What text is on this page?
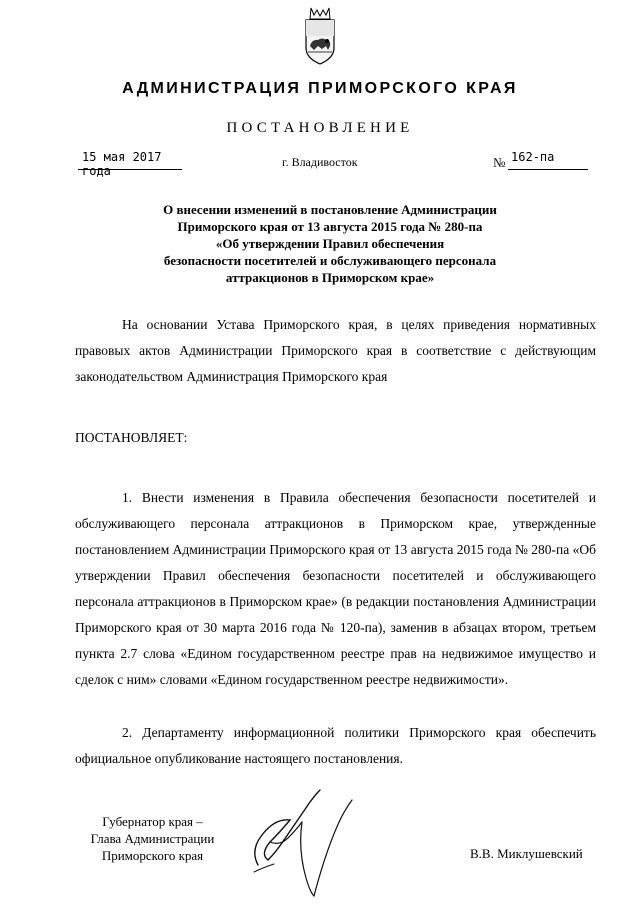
АДМИНИСТРАЦИЯ ПРИМОРСКОГО КРАЯ
ПОСТАНОВЛЕНИЕ
15 мая 2017 года
г. Владивосток	№ 162-па
О внесении изменений в постановление Администрации
Приморского края от 13 августа 2015 года № 280-па
«Об утверждении Правил обеспечения
безопасности посетителей и обслуживающего персонала
аттракционов в Приморском крае»

На основании Устава Приморского края, в целях приведения нормативных правовых актов Администрации Приморского края в соответствие с действующим законодательством Администрация Приморского края

ПОСТАНОВЛЯЕТ:

1. Внести изменения в Правила обеспечения безопасности посетителей и обслуживающего персонала аттракционов в Приморском крае, утвержденные постановлением Администрации Приморского края от 13 августа 2015 года № 280-па «Об утверждении Правил обеспечения безопасности посетителей и обслуживающего персонала аттракционов в Приморском крае» (в редакции постановления Администрации Приморского края от 30 марта 2016 года № 120-па), заменив в абзацах втором, третьем пункта 2.7 слова «Едином государственном реестре прав на недвижимое имущество и сделок с ним» словами «Едином государственном реестре недвижимости».

2. Департаменту информационной политики Приморского края обеспечить официальное опубликование настоящего постановления.

Губернатор края –
Глава Администрации
Приморского края	В.В. Миклушевский
